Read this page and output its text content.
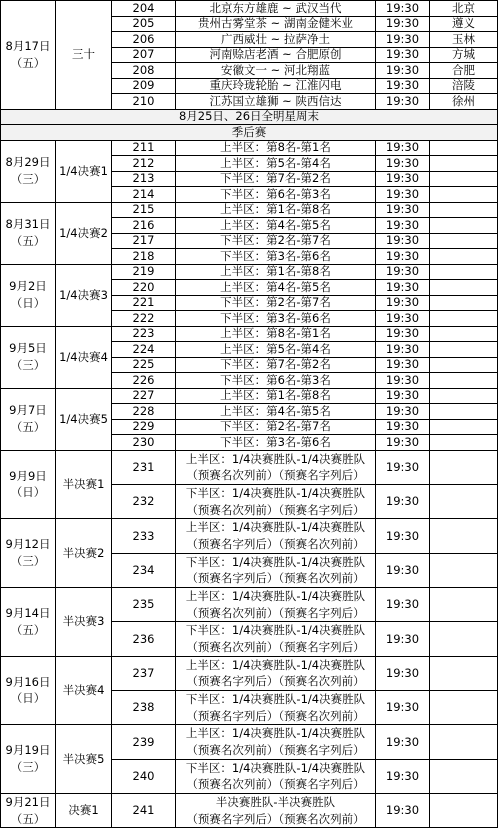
8月17日
（五）	三十	204	北京东方雄鹿 ~ 武汉当代	19:30	北京
		205	贵州古雾堂茶 ~ 湖南金健米业	19:30	遵义
		206	广西威壮 ~ 拉萨净土	19:30	玉林
		207	河南赊店老酒 ~ 合肥原创	19:30	方城
		208	安徽文一 ~ 河北翔蓝	19:30	合肥
		209	重庆玲珑轮胎 ~ 江淮闪电	19:30	涪陵
		210	江苏国立雄狮 ~ 陕西信达	19:30	徐州
8月25日、26日全明星周末					
季后赛					
8月29日
（三）	1/4决赛1	211	上半区：第8名-第1名	19:30	
		212	上半区：第5名-第4名	19:30	
		213	下半区：第7名-第2名	19:30	
		214	下半区：第6名-第3名	19:30	
8月31日
（五）	1/4决赛2	215	上半区：第1名-第8名	19:30	
		216	上半区：第4名-第5名	19:30	
		217	下半区：第2名-第7名	19:30	
		218	下半区：第3名-第6名	19:30	
9月2日
（日）	1/4决赛3	219	上半区：第1名-第8名	19:30	
		220	上半区：第4名-第5名	19:30	
		221	下半区：第2名-第7名	19:30	
		222	下半区：第3名-第6名	19:30	
9月5日
（三）	1/4决赛4	223	上半区：第8名-第1名	19:30	
		224	上半区：第5名-第4名	19:30	
		225	下半区：第7名-第2名	19:30	
		226	下半区：第6名-第3名	19:30	
9月7日
（五）	1/4决赛5	227	上半区：第1名-第8名	19:30	
		228	上半区：第4名-第5名	19:30	
		229	下半区：第2名-第7名	19:30	
		230	下半区：第3名-第6名	19:30	
9月9日
（日）	半决赛1	231	上半区：1/4决赛胜队-1/4决赛胜队
（预赛名次列前）（预赛名字列后）	19:30	
		232	下半区：1/4决赛胜队-1/4决赛胜队
（预赛名次列前）（预赛名字列后）	19:30	
9月12日
（三）	半决赛2	233	上半区：1/4决赛胜队-1/4决赛胜队
（预赛名字列后）（预赛名次列前）	19:30	
		234	下半区：1/4决赛胜队-1/4决赛胜队
（预赛名字列后）（预赛名次列前）	19:30	
9月14日
（五）	半决赛3	235	上半区：1/4决赛胜队-1/4决赛胜队
（预赛名次列前）（预赛名字列后）	19:30	
		236	下半区：1/4决赛胜队-1/4决赛胜队
（预赛名次列前）（预赛名字列后）	19:30	
9月16日
（日）	半决赛4	237	上半区：1/4决赛胜队-1/4决赛胜队
（预赛名字列后）（预赛名次列前）	19:30	
		238	下半区：1/4决赛胜队-1/4决赛胜队
（预赛名字列后）（预赛名次列前）	19:30	
9月19日
（三）	半决赛5	239	上半区：1/4决赛胜队-1/4决赛胜队
（预赛名次列前）（预赛名字列后）	19:30	
		240	下半区：1/4决赛胜队-1/4决赛胜队
（预赛名次列前）（预赛名字列后）	19:30	
9月21日
（五）	决赛1	241	半决赛胜队-半决赛胜队
（预赛名字列后）（预赛名次列前）	19:30	
